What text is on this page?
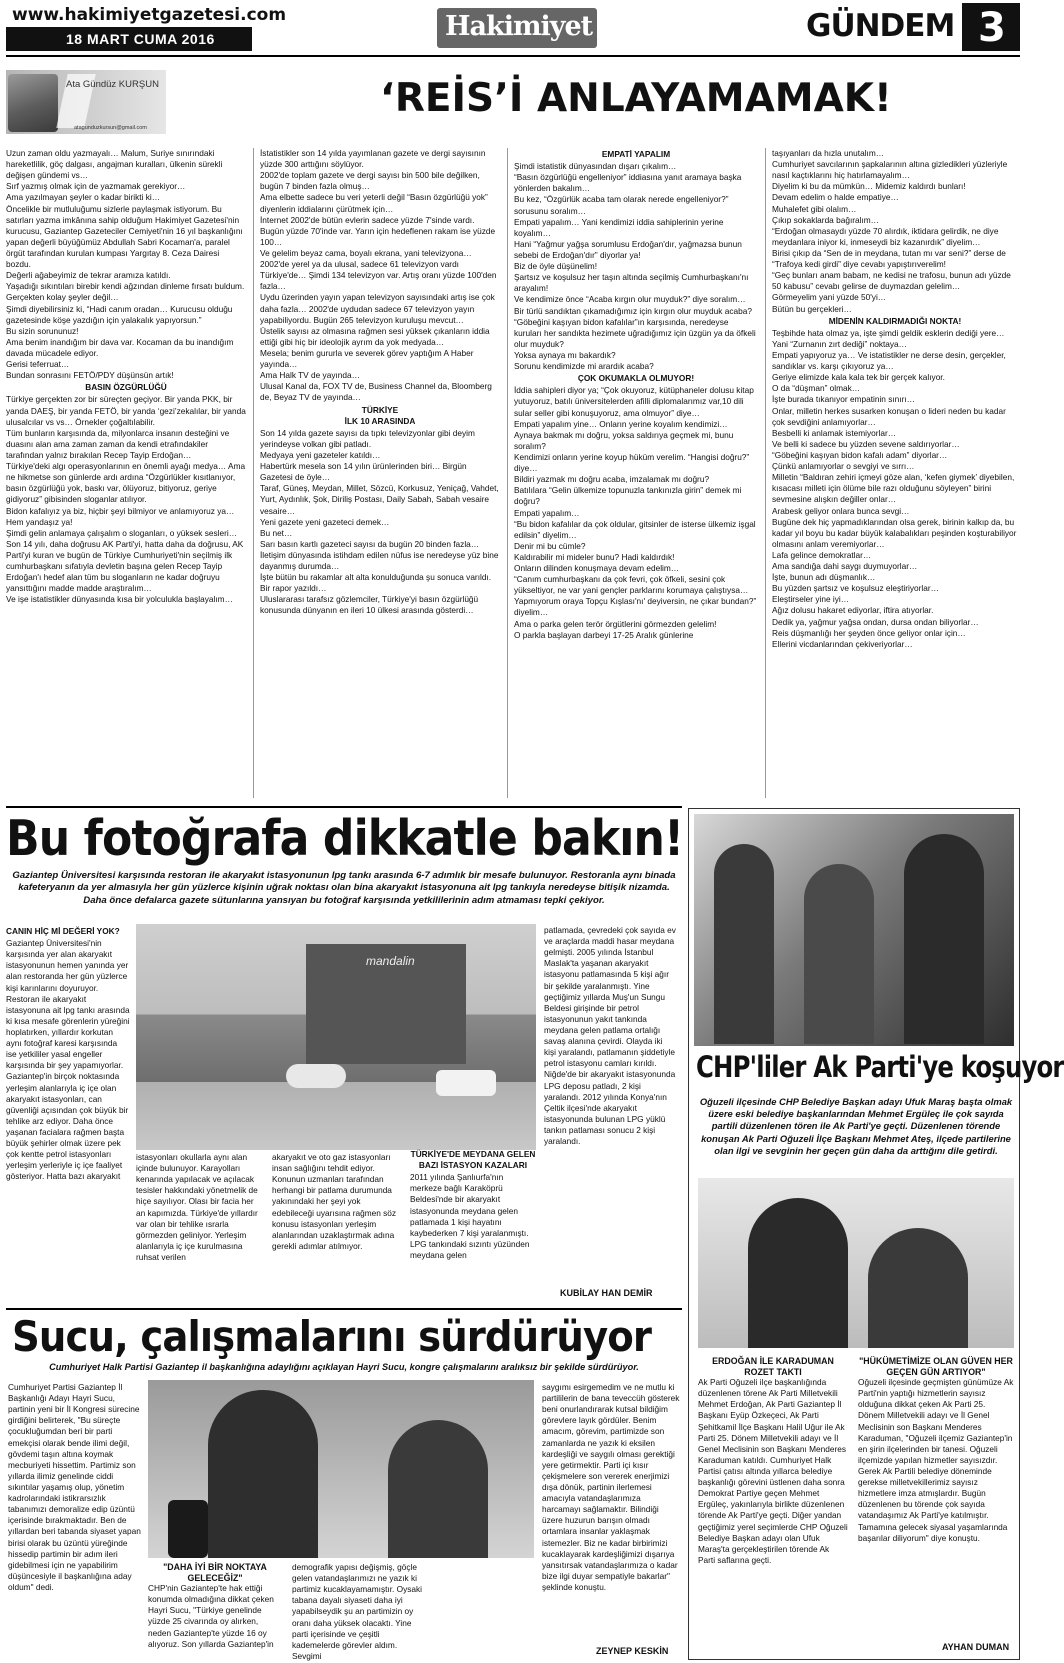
www.hakimiyetgazetesi.com
18 MART CUMA 2016	Hakimiyet	GÜNDEM 3
Ata Gündüz KURŞUN
atagunduzkursun@gmail.com
‘REİS’İ ANLAYAMAMAK!

Uzun zaman oldu yazmayalı… Malum, Suriye sınırındaki hareketlilik, göç dalgası, angajman kuralları, ülkenin sürekli değişen gündemi vs…

Sırf yazmış olmak için de yazmamak gerekiyor…

Ama yazılmayan şeyler o kadar birikti ki…

Öncelikle bir mutluluğumu sizlerle paylaşmak istiyorum. Bu satırları yazma imkânına sahip olduğum Hakimiyet Gazetesi'nin kurucusu, Gaziantep Gazeteciler Cemiyeti'nin 16 yıl başkanlığını yapan değerli büyüğümüz Abdullah Sabri Kocaman'a, paralel örgüt tarafından kurulan kumpası Yargıtay 8. Ceza Dairesi bozdu.

Değerli ağabeyimiz de tekrar aramıza katıldı.

Yaşadığı sıkıntıları birebir kendi ağzından dinleme fırsatı buldum. Gerçekten kolay şeyler değil…

Şimdi diyebilirsiniz ki, “Hadi canım oradan… Kurucusu olduğu gazetesinde köşe yazdığın için yalakalık yapıyorsun.”

Bu sizin sorununuz!

Ama benim inandığım bir dava var. Kocaman da bu inandığım davada mücadele ediyor.

Gerisi teferruat…

Bundan sonrasını FETÖ/PDY düşünsün artık!

BASIN ÖZGÜRLÜĞÜ

Türkiye gerçekten zor bir süreçten geçiyor. Bir yanda PKK, bir yanda DAEŞ, bir yanda FETÖ, bir yanda ‘gezi’zekalılar, bir yanda ulusalcılar vs vs… Örnekler çoğaltılabilir.

Tüm bunların karşısında da, milyonlarca insanın desteğini ve duasını alan ama zaman zaman da kendi etrafındakiler tarafından yalnız bırakılan Recep Tayip Erdoğan…

Türkiye'deki algı operasyonlarının en önemli ayağı medya… Ama ne hikmetse son günlerde ardı ardına “Özgürlükler kısıtlanıyor, basın özgürlüğü yok, baskı var, ölüyoruz, bitiyoruz, geriye gidiyoruz” gibisinden sloganlar atılıyor.

Bidon kafalıyız ya biz, hiçbir şeyi bilmiyor ve anlamıyoruz ya… Hem yandaşız ya!

Şimdi gelin anlamaya çalışalım o sloganları, o yüksek sesleri…

Son 14 yılı, daha doğrusu AK Parti'yi, hatta daha da doğrusu, AK Parti'yi kuran ve bugün de Türkiye Cumhuriyeti'nin seçilmiş ilk cumhurbaşkanı sıfatıyla devletin başına gelen Recep Tayip Erdoğan'ı hedef alan tüm bu sloganların ne kadar doğruyu yansıttığını madde madde araştıralım…

Ve işe istatistikler dünyasında kısa bir yolculukla başlayalım…

İstatistikler son 14 yılda yayımlanan gazete ve dergi sayısının yüzde 300 arttığını söylüyor.

2002'de toplam gazete ve dergi sayısı bin 500 bile değilken, bugün 7 binden fazla olmuş…

Ama elbette sadece bu veri yeterli değil “Basın özgürlüğü yok” diyenlerin iddialarını çürütmek için…

İnternet 2002'de bütün evlerin sadece yüzde 7'sinde vardı. Bugün yüzde 70'inde var. Yarın için hedeflenen rakam ise yüzde 100…

Ve gelelim beyaz cama, boyalı ekrana, yani televizyona…

2002'de yerel ya da ulusal, sadece 61 televizyon vardı Türkiye'de… Şimdi 134 televizyon var. Artış oranı yüzde 100'den fazla…

Uydu üzerinden yayın yapan televizyon sayısındaki artış ise çok daha fazla… 2002'de uydudan sadece 67 televizyon yayın yapabiliyordu. Bugün 265 televizyon kuruluşu mevcut…

Üstelik sayısı az olmasına rağmen sesi yüksek çıkanların iddia ettiği gibi hiç bir ideolojik ayrım da yok medyada…

Mesela; benim gururla ve severek görev yaptığım A Haber yayında…

Ama Halk TV de yayında…

Ulusal Kanal da, FOX TV de, Business Channel da, Bloomberg de, Beyaz TV de yayında…

TÜRKİYE
İLK 10 ARASINDA

Son 14 yılda gazete sayısı da tıpkı televizyonlar gibi deyim yerindeyse volkan gibi patladı.

Medyaya yeni gazeteler katıldı…

Habertürk mesela son 14 yılın ürünlerinden biri… Birgün Gazetesi de öyle…

Taraf, Güneş, Meydan, Millet, Sözcü, Korkusuz, Yeniçağ, Vahdet, Yurt, Aydınlık, Şok, Diriliş Postası, Daily Sabah, Sabah vesaire vesaire…

Yeni gazete yeni gazeteci demek…

Bu net…

Sarı basın kartlı gazeteci sayısı da bugün 20 binden fazla…

İletişim dünyasında istihdam edilen nüfus ise neredeyse yüz bine dayanmış durumda…

İşte bütün bu rakamlar alt alta konulduğunda şu sonuca varıldı.

Bir rapor yazıldı…

Uluslararası tarafsız gözlemciler, Türkiye'yi basın özgürlüğü konusunda dünyanın en ileri 10 ülkesi arasında gösterdi…

EMPATİ YAPALIM

Şimdi istatistik dünyasından dışarı çıkalım…

“Basın özgürlüğü engelleniyor” iddiasına yanıt aramaya başka yönlerden bakalım…

Bu kez, “Özgürlük acaba tam olarak nerede engelleniyor?” sorusunu soralım…

Empati yapalım… Yani kendimizi iddia sahiplerinin yerine koyalım…

Hani “Yağmur yağşa sorumlusu Erdoğan'dır, yağmazsa bunun sebebi de Erdoğan'dır” diyorlar ya!

Biz de öyle düşünelim!

Şartsız ve koşulsuz her taşın altında seçilmiş Cumhurbaşkanı'nı arayalım!

Ve kendimize önce “Acaba kırgın olur muyduk?” diye soralım…

Bir türlü sandıktan çıkamadığımız için kırgın olur muyduk acaba?

“Göbeğini kaşıyan bidon kafalılar”ın karşısında, neredeyse kuruları her sandıkta hezimete uğradığımız için üzgün ya da öfkeli olur muyduk?

Yoksa aynaya mı bakardık?

Sorunu kendimizde mi arardık acaba?

ÇOK OKUMAKLA OLMUYOR!

İddia sahipleri diyor ya; “Çok okuyoruz, kütüphaneler dolusu kitap yutuyoruz, batılı üniversitelerden afilli diplomalarımız var,10 dili sular seller gibi konuşuyoruz, ama olmuyor” diye…

Empati yapalım yine… Onların yerine koyalım kendimizi…

Aynaya bakmak mı doğru, yoksa saldırıya geçmek mi, bunu soralım?

Kendimizi onların yerine koyup hüküm verelim. “Hangisi doğru?” diye…

Bildiri yazmak mı doğru acaba, imzalamak mı doğru?

Batılılara “Gelin ülkemize topunuzla tankınızla girin” demek mi doğru?

Empati yapalım…

“Bu bidon kafalılar da çok oldular, gitsinler de isterse ülkemiz işgal edilsin” diyelim…

Denir mi bu cümle?

Kaldırabilir mi mideler bunu? Hadi kaldırdık!

Onların dilinden konuşmaya devam edelim…

“Canım cumhurbaşkanı da çok fevri, çok öfkeli, sesini çok yükseltiyor, ne var yani gençler parklarını korumaya çalıştıysa… Yapmıyorum oraya Topçu Kışlası'nı' deyiversin, ne çıkar bundan?” diyelim…

Ama o parka gelen terör örgütlerini görmezden gelelim!

O parkla başlayan darbeyi 17-25 Aralık günlerine

taşıyanları da hızla unutalım…

Cumhuriyet savcılarının şapkalarının altına gizledikleri yüzleriyle nasıl kaçtıklarını hiç hatırlamayalım…

Diyelim ki bu da mümkün… Midemiz kaldırdı bunları!

Devam edelim o halde empatiye…

Muhalefet gibi olalım…

Çıkıp sokaklarda bağıralım…

“Erdoğan olmasaydı yüzde 70 alırdık, iktidara gelirdik, ne diye meydanlara iniyor ki, inmeseydi biz kazanırdık” diyelim…

Birisi çıkıp da “Sen de in meydana, tutan mı var seni?” derse de “Trafoya kedi girdi” diye cevabı yapıştırıverelim!

“Geç bunları anam babam, ne kedisi ne trafosu, bunun adı yüzde 50 kabusu” cevabı gelirse de duymazdan gelelim…

Görmeyelim yani yüzde 50'yi…

Bütün bu gerçekleri…

MİDENİN KALDIRMADIĞI NOKTA!

Teşbihde hata olmaz ya, işte şimdi geldik esklerin dediği yere… Yani “Zurnanın zırt dediği” noktaya…

Empati yapıyoruz ya… Ve istatistikler ne derse desin, gerçekler, sandıklar vs. karşı çıkıyoruz ya…

Geriye elimizde kala kala tek bir gerçek kalıyor.

O da “düşman” olmak…

İşte burada tıkanıyor empatinin sınırı…

Onlar, milletin herkes susarken konuşan o lideri neden bu kadar çok sevdiğini anlamıyorlar…

Besbelli ki anlamak istemiyorlar…

Ve belli ki sadece bu yüzden sevene saldırıyorlar…

“Göbeğini kaşıyan bidon kafalı adam” diyorlar…

Çünkü anlamıyorlar o sevgiyi ve sırrı…

Milletin “Baldıran zehiri içmeyi göze alan, ‘kefen giymek’ diyebilen, kısacası milleti için ölüme bile razı olduğunu söyleyen” birini sevmesine alışkın değiller onlar…

Arabesk geliyor onlara bunca sevgi…

Bugüne dek hiç yapmadıklarından olsa gerek, birinin kalkıp da, bu kadar yıl boyu bu kadar büyük kalabalıkları peşinden koşturabiliyor olmasını anlam veremiyorlar…

Lafa gelince demokratlar…

Ama sandığa dahi saygı duymuyorlar…

İşte, bunun adı düşmanlık…

Bu yüzden şartsız ve koşulsuz eleştiriyorlar…

Eleştirseler yine iyi…

Ağız dolusu hakaret ediyorlar, iftira atıyorlar.

Dedik ya, yağmur yağsa ondan, dursa ondan biliyorlar…

Reis düşmanlığı her şeyden önce geliyor onlar için…

Ellerini vicdanlarından çekiveriyorlar…

Bu fotoğrafa dikkatle bakın!
Gaziantep Üniversitesi karşısında restoran ile akaryakıt istasyonunun lpg tankı arasında 6-7 adımlık bir mesafe bulunuyor. Restoranla aynı binada kafeteryanın da yer almasıyla her gün yüzlerce kişinin uğrak noktası olan bina akaryakıt istasyonuna ait lpg tankıyla neredeyse bitişik nizamda. Daha önce defalarca gazete sütunlarına yansıyan bu fotoğraf karşısında yetkililerinin adım atmaması tepki çekiyor.

CANIN HİÇ Mİ DEĞERİ YOK?

Gaziantep Üniversitesi'nin karşısında yer alan akaryakıt istasyonunun hemen yanında yer alan restoranda her gün yüzlerce kişi karınlarını doyuruyor. Restoran ile akaryakıt istasyonuna ait lpg tankı arasında ki kısa mesafe görenlerin yüreğini hoplatırken, yıllardır korkutan aynı fotoğraf karesi karşısında ise yetkililer yasal engeller karşısında bir şey yapamıyorlar. Gaziantep'in birçok noktasında yerleşim alanlarıyla iç içe olan akaryakıt istasyonları, can güvenliği açısından çok büyük bir tehlike arz ediyor. Daha önce yaşanan facialara rağmen başta büyük şehirler olmak üzere pek çok kentte petrol istasyonları yerleşim yerleriyle iç içe faaliyet gösteriyor. Hatta bazı akaryakıt

mandalin

istasyonları okullarla aynı alan içinde bulunuyor. Karayolları kenarında yapılacak ve açılacak tesisler hakkındaki yönetmelik de hiçe sayılıyor. Olası bir facia her an kapımızda. Türkiye'de yıllardır var olan bir tehlike ısrarla görmezden geliniyor. Yerleşim alanlarıyla iç içe kurulmasına ruhsat verilen

akaryakıt ve oto gaz istasyonları insan sağlığını tehdit ediyor. Konunun uzmanları tarafından herhangi bir patlama durumunda yakınındaki her şeyi yok edebileceği uyarısına rağmen söz konusu istasyonları yerleşim alanlarından uzaklaştırmak adına gerekli adımlar atılmıyor.

TÜRKİYE'DE MEYDANA GELEN BAZI İSTASYON KAZALARI

2011 yılında Şanlıurfa'nın merkeze bağlı Karaköprü Beldesi'nde bir akaryakıt istasyonunda meydana gelen patlamada 1 kişi hayatını kaybederken 7 kişi yaralanmıştı. LPG tankındaki sızıntı yüzünden meydana gelen

patlamada, çevredeki çok sayıda ev ve araçlarda maddi hasar meydana gelmişti. 2005 yılında İstanbul Maslak'ta yaşanan akaryakıt istasyonu patlamasında 5 kişi ağır bir şekilde yaralanmıştı. Yine geçtiğimiz yıllarda Muş'un Sungu Beldesi girişinde bir petrol istasyonunun yakıt tankında meydana gelen patlama ortalığı savaş alanına çevirdi. Olayda iki kişi yaralandı, patlamanın şiddetiyle petrol istasyonu camları kırıldı. Niğde'de bir akaryakıt istasyonunda LPG deposu patladı, 2 kişi yaralandı. 2012 yılında Konya'nın Çeltik ilçesi'nde akaryakıt istasyonunda bulunan LPG yüklü tankın patlaması sonucu 2 kişi yaralandı.

KUBİLAY HAN DEMİR
CHP'liler Ak Parti'ye koşuyor
Oğuzeli ilçesinde CHP Belediye Başkan adayı Ufuk Maraş başta olmak üzere eski belediye başkanlarından Mehmet Ergüleç ile çok sayıda partili düzenlenen tören ile Ak Parti'ye geçti. Düzenlenen törende konuşan Ak Parti Oğuzeli İlçe Başkanı Mehmet Ateş, ilçede partilerine olan ilgi ve sevginin her geçen gün daha da arttığını dile getirdi.

ERDOĞAN İLE KARADUMAN ROZET TAKTI

Ak Parti Oğuzeli ilçe başkanlığında düzenlenen törene Ak Parti Milletvekili Mehmet Erdoğan, Ak Parti Gaziantep İl Başkanı Eyüp Özkeçeci, Ak Parti Şehitkamil İlçe Başkanı Halil Uğur ile Ak Parti 25. Dönem Milletvekili adayı ve İl Genel Meclisinin son Başkanı Menderes Karaduman katıldı. Cumhuriyet Halk Partisi çatısı altında yıllarca belediye başkanlığı görevini üstlenen daha sonra Demokrat Partiye geçen Mehmet Ergüleç, yakınlarıyla birlikte düzenlenen törende Ak Parti'ye geçti. Diğer yandan geçtiğimiz yerel seçimlerde CHP Oğuzeli Belediye Başkan adayı olan Ufuk Maraş'ta gerçekleştirilen törende Ak Parti saflarına geçti.

"HÜKÜMETİMİZE OLAN GÜVEN HER GEÇEN GÜN ARTIYOR"

Oğuzeli ilçesinde geçmişten günümüze Ak Parti'nin yaptığı hizmetlerin sayısız olduğuna dikkat çeken Ak Parti 25. Dönem Milletvekili adayı ve İl Genel Meclisinin son Başkanı Menderes Karaduman, "Oğuzeli ilçemiz Gaziantep'in en şirin ilçelerinden bir tanesi. Oğuzeli ilçemizde yapılan hizmetler sayısızdır. Gerek Ak Partili belediye döneminde gerekse milletvekillerimiz sayısız hizmetlere imza atmışlardır. Bugün düzenlenen bu törende çok sayıda vatandaşımız Ak Parti'ye katılmıştır. Tamamına gelecek siyasal yaşamlarında başarılar diliyorum" diye konuştu.

AYHAN DUMAN
Sucu, çalışmalarını sürdürüyor
Cumhuriyet Halk Partisi Gaziantep il başkanlığına adaylığını açıklayan Hayri Sucu, kongre çalışmalarını aralıksız bir şekilde sürdürüyor.

Cumhuriyet Partisi Gaziantep İl Başkanlığı Adayı Hayri Sucu, partinin yeni bir İl Kongresi sürecine girdiğini belirterek, "Bu süreçte çocukluğumdan beri bir parti emekçisi olarak bende ilimi değil, gövdemi taşın altına koymak mecburiyeti hissettim. Partimiz son yıllarda ilimiz genelinde ciddi sıkıntılar yaşamış olup, yönetim kadrolarındaki istikrarsızlık tabanımızı demoralize edip üzüntü içerisinde bırakmaktadır. Ben de yıllardan beri tabanda siyaset yapan birisi olarak bu üzüntü yüreğinde hissedip partimin bir adım ileri gidebilmesi için ne yapabilirim düşüncesiyle il başkanlığına aday oldum" dedi.

"DAHA İYİ BİR NOKTAYA GELECEĞİZ"

CHP'nin Gaziantep'te hak ettiği konumda olmadığına dikkat çeken Hayri Sucu, "Türkiye genelinde yüzde 25 civarında oy alırken, neden Gaziantep'te yüzde 16 oy alıyoruz. Son yıllarda Gaziantep'in

demografik yapısı değişmiş, göçle gelen vatandaşlarımızı ne yazık ki partimiz kucaklayamamıştır. Oysaki tabana dayalı siyaseti daha iyi yapabilseydik şu an partimizin oy oranı daha yüksek olacaktı. Yine parti içerisinde ve çeşitli kademelerde görevler aldım. Sevgimi

saygımı esirgemedim ve ne mutlu ki partililerin de bana teveccüh gösterek beni onurlandırarak kutsal bildiğim görevlere layık gördüler. Benim amacım, görevim, partimizde son zamanlarda ne yazık ki eksilen kardeşliği ve saygılı olması gerektiği yere getirmektir. Parti içi kısır çekişmelere son vererek enerjimizi dışa dönük, partinin ilerlemesi amacıyla vatandaşlarımıza harcamayı sağlamaktır. Bilindiği üzere huzurun barışın olmadı ortamlara insanlar yaklaşmak istemezler. Biz ne kadar birbirimizi kucaklayarak kardeşliğimizi dışarıya yansıtırsak vatandaşlarımıza o kadar bize ilgi duyar sempatiyle bakarlar" şeklinde konuştu.

ZEYNEP KESKİN
